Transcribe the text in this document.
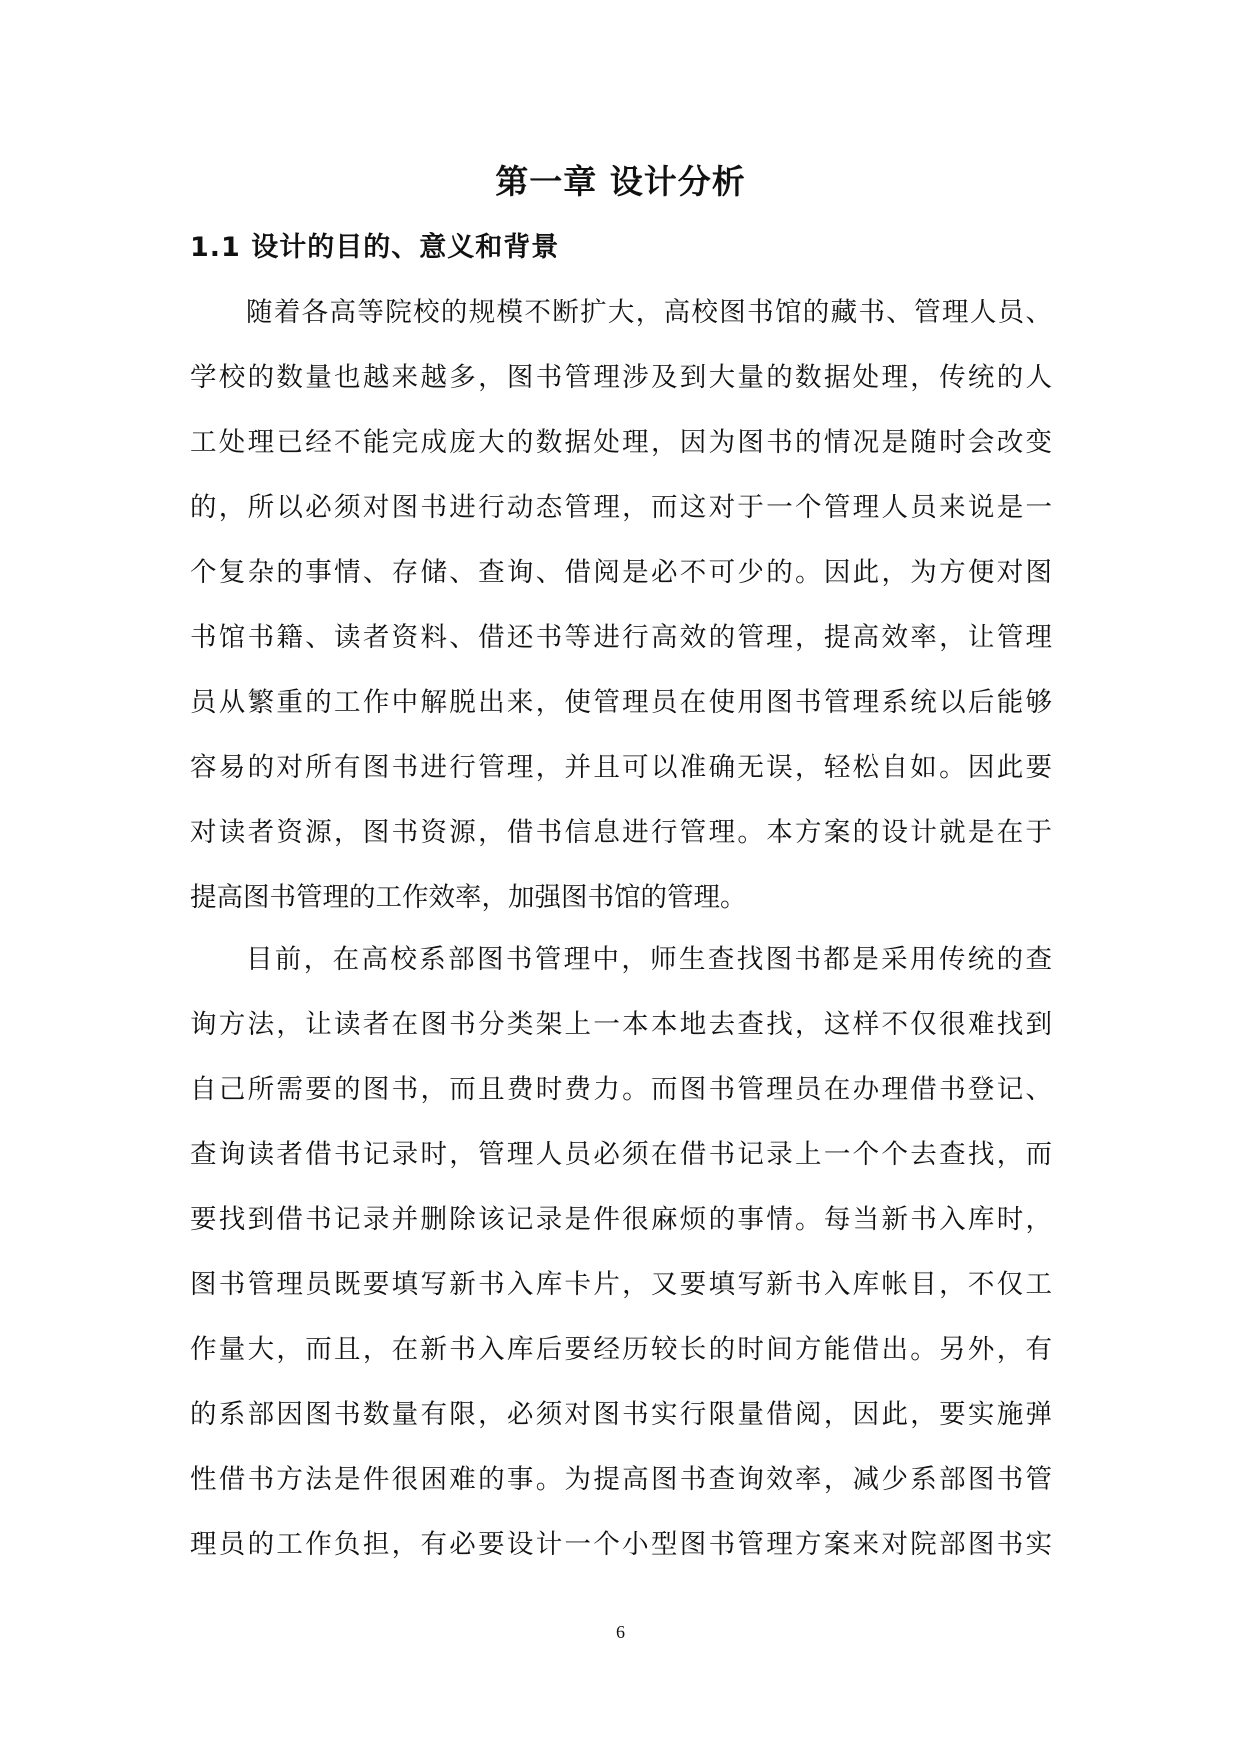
第一章 设计分析
1.1 设计的目的、意义和背景
随着各高等院校的规模不断扩大，高校图书馆的藏书、管理人员、
学校的数量也越来越多，图书管理涉及到大量的数据处理，传统的人
工处理已经不能完成庞大的数据处理，因为图书的情况是随时会改变
的，所以必须对图书进行动态管理，而这对于一个管理人员来说是一
个复杂的事情、存储、查询、借阅是必不可少的。因此，为方便对图
书馆书籍、读者资料、借还书等进行高效的管理，提高效率，让管理
员从繁重的工作中解脱出来，使管理员在使用图书管理系统以后能够
容易的对所有图书进行管理，并且可以准确无误，轻松自如。因此要
对读者资源，图书资源，借书信息进行管理。本方案的设计就是在于
提高图书管理的工作效率，加强图书馆的管理。
目前，在高校系部图书管理中，师生查找图书都是采用传统的查
询方法，让读者在图书分类架上一本本地去查找，这样不仅很难找到
自己所需要的图书，而且费时费力。而图书管理员在办理借书登记、
查询读者借书记录时，管理人员必须在借书记录上一个个去查找，而
要找到借书记录并删除该记录是件很麻烦的事情。每当新书入库时，
图书管理员既要填写新书入库卡片，又要填写新书入库帐目，不仅工
作量大，而且，在新书入库后要经历较长的时间方能借出。另外，有
的系部因图书数量有限，必须对图书实行限量借阅，因此，要实施弹
性借书方法是件很困难的事。为提高图书查询效率，减少系部图书管
理员的工作负担，有必要设计一个小型图书管理方案来对院部图书实
6
